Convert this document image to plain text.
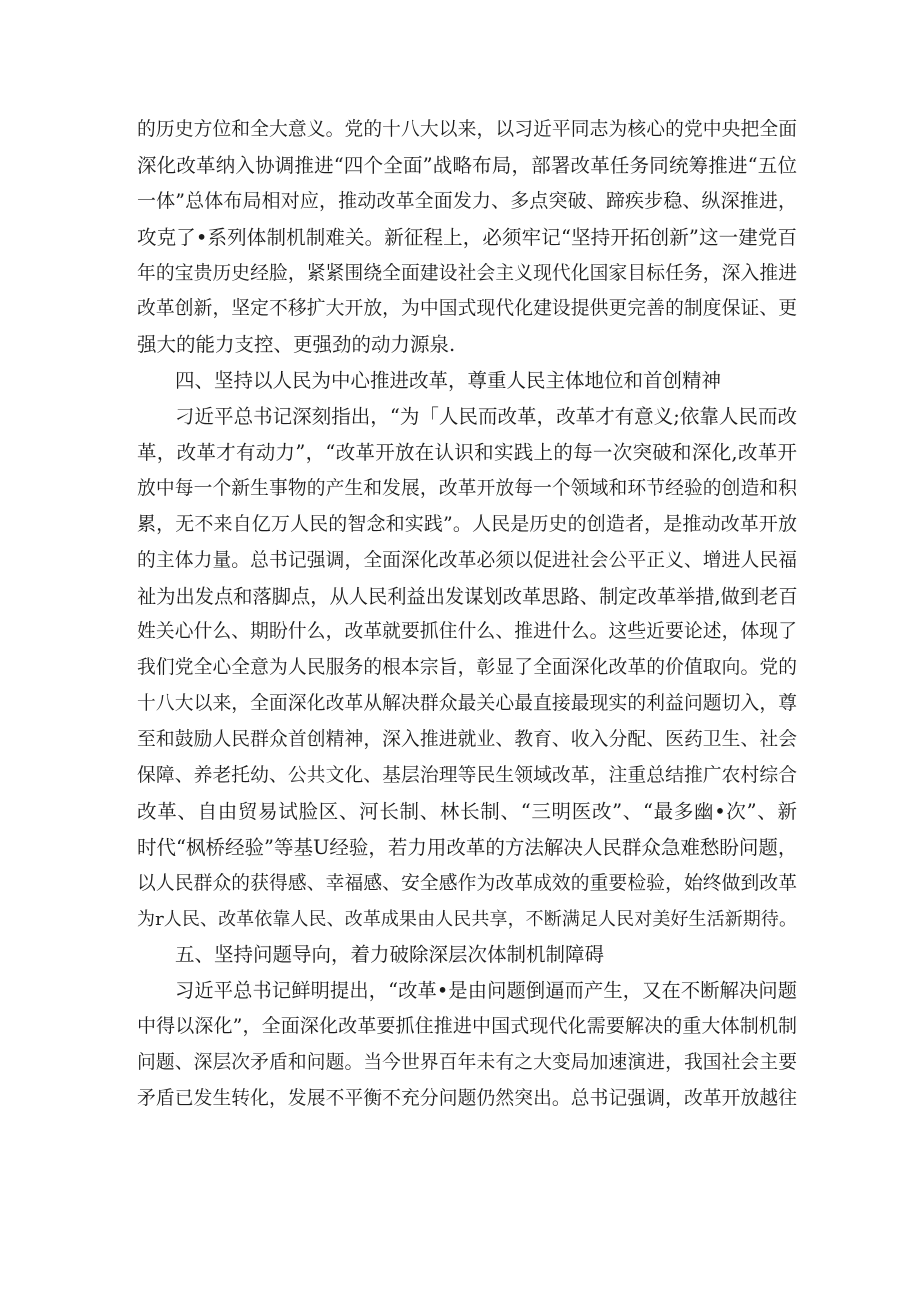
的历史方位和全大意义。党的十八大以来，以习近平同志为核心的党中央把全面
深化改革纳入协调推进“四个全面”战略布局，部署改革任务同统筹推进“五位
一体”总体布局相对应，推动改革全面发力、多点突破、蹄疾步稳、纵深推进，
攻克了•系列体制机制难关。新征程上，必须牢记“坚持开拓创新”这一建党百
年的宝贵历史经脸，紧紧围绕全面建设社会主义现代化国家目标任务，深入推进
改革创新，坚定不移扩大开放，为中国式现代化建设提供更完善的制度保证、更
强大的能力支控、更强劲的动力源泉.
四、坚持以人民为中心推进改革，尊重人民主体地位和首创精神
刁近平总书记深刻指出，“为「人民而改革，改革才有意义;依靠人民而改
革，改革才有动力”，“改革开放在认识和实践上的每一次突破和深化,改革开
放中每一个新生事物的产生和发展，改革开放每一个领域和环节经验的创造和积
累，无不来自亿万人民的智念和实践”。人民是历史的创造者，是推动改革开放
的主体力量。总书记强调，全面深化改革必须以促进社会公平正义、增进人民福
祉为出发点和落脚点，从人民利益出发谋划改革思路、制定改革举措,做到老百
姓关心什么、期盼什么，改革就要抓住什么、推进什么。这些近要论述，体现了
我们党全心全意为人民服务的根本宗旨，彰显了全面深化改革的价值取向。党的
十八大以来，全面深化改革从解决群众最关心最直接最现实的利益问题切入，尊
至和鼓励人民群众首创精神，深入推进就业、教育、收入分配、医药卫生、社会
保障、养老托幼、公共文化、基层治理等民生领域改革，注重总结推广农村综合
改革、自由贸易试脸区、河长制、林长制、“三明医改”、“最多幽•次”、新
时代“枫桥经验”等基U经验，若力用改革的方法解决人民群众急难愁盼问题，
以人民群众的获得感、幸福感、安全感作为改革成效的重要检验，始终做到改革
为r人民、改革依靠人民、改革成果由人民共享，不断满足人民对美好生活新期待。
五、坚持问题导向，着力破除深层次体制机制障碍
习近平总书记鲜明提出，“改革•是由问题倒逼而产生，又在不断解决问题
中得以深化”，全面深化改革要抓住推进中国式现代化需要解决的重大体制机制
问题、深层次矛盾和问题。当今世界百年未有之大变局加速演进，我国社会主要
矛盾已发生转化，发展不平衡不充分问题仍然突出。总书记强调，改革开放越往
